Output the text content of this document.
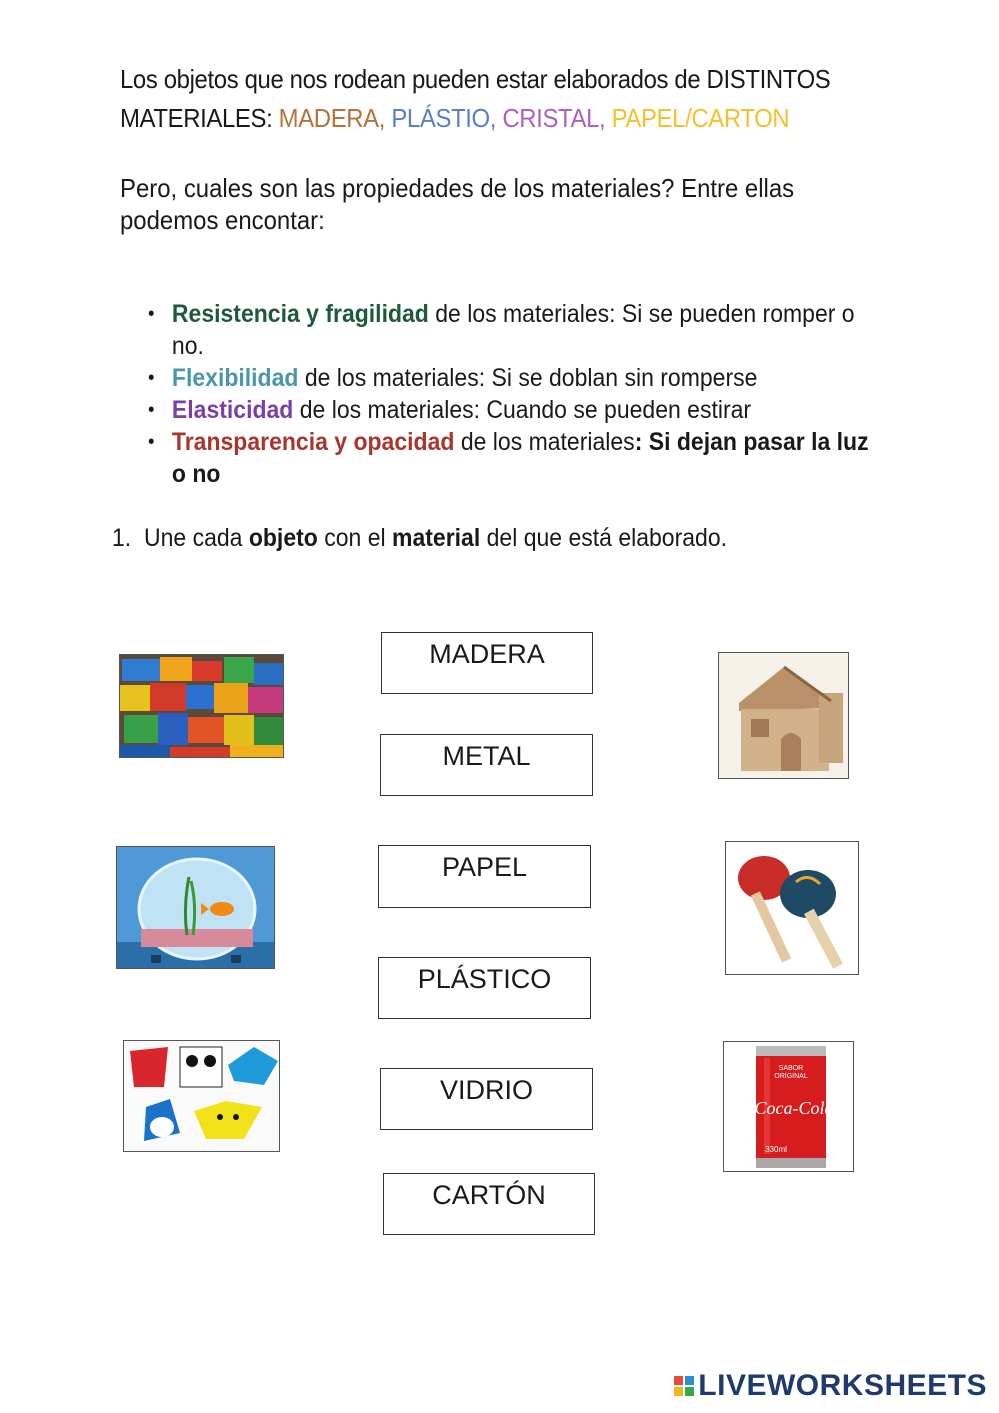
Los objetos que nos rodean pueden estar elaborados de DISTINTOS
MATERIALES: MADERA, PLÁSTIO, CRISTAL, PAPEL/CARTON
Pero, cuales son las propiedades de los materiales? Entre ellas
podemos encontar:
• Resistencia y fragilidad de los materiales: Si se pueden romper o no.
• Flexibilidad de los materiales: Si se doblan sin romperse
• Elasticidad de los materiales: Cuando se pueden estirar
• Transparencia y opacidad de los materiales: Si dejan pasar la luz o no
1. Une cada objeto con el material del que está elaborado.
MADERA
METAL
PAPEL
PLÁSTICO
VIDRIO
CARTÓN
SABOR
ORIGINAL
Coca-Cola
330ml
LIVEWORKSHEETS
